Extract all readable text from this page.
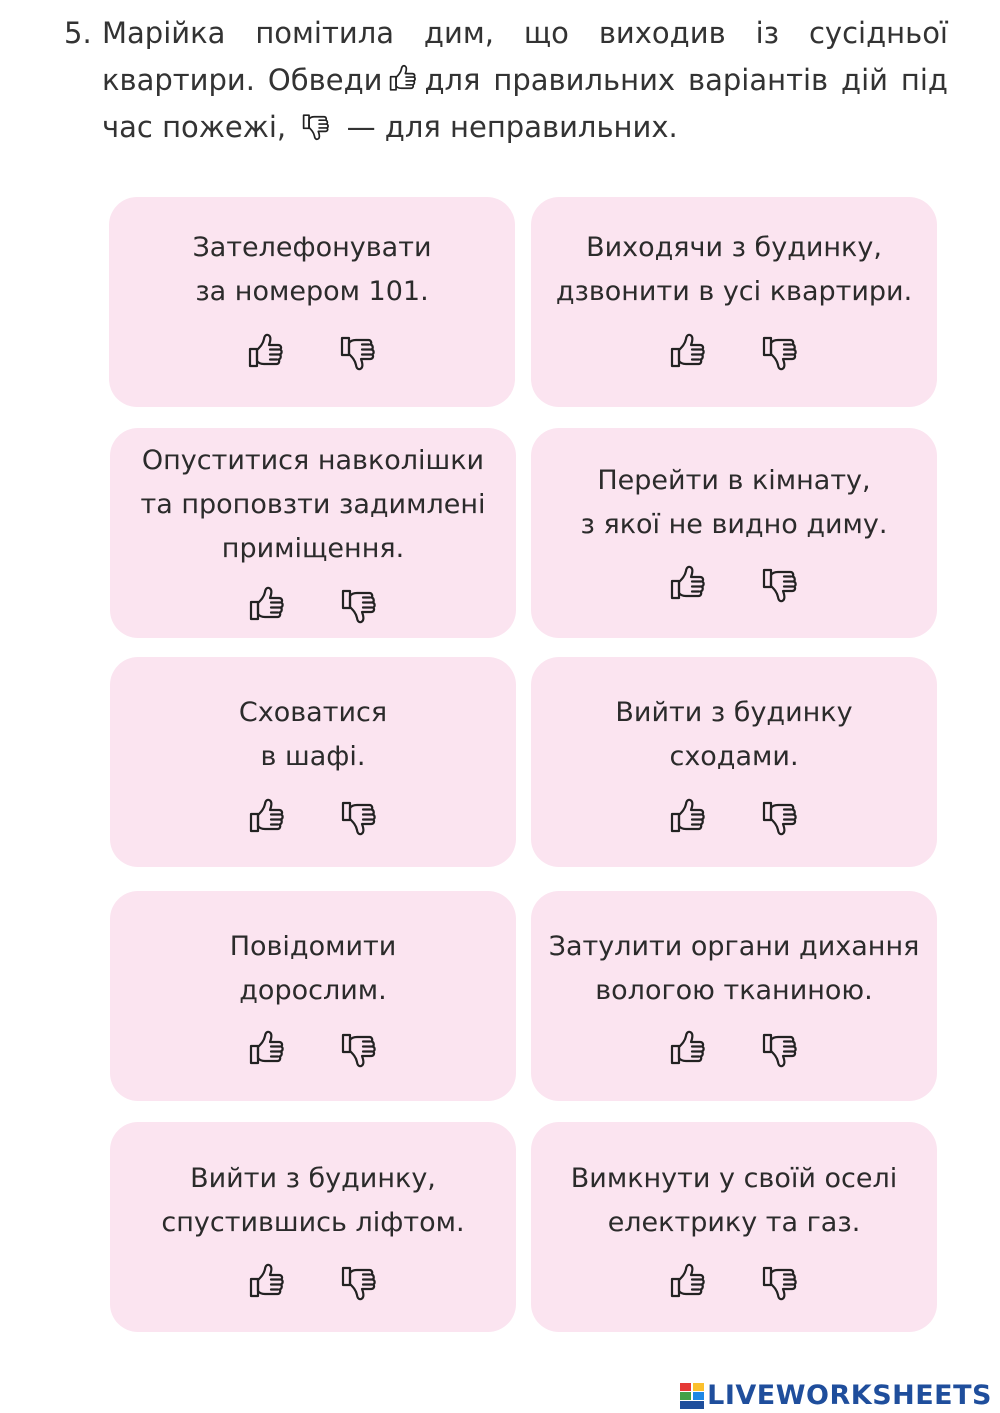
5. Марійка помітила дим, що виходив із сусідньої квартири. Обведи для правильних варіантів дій під час пожежі, — для неправильних.
Зателефонувати
за номером 101.
Виходячи з будинку,
дзвонити в усі квартири.
Опуститися навколішки
та проповзти задимлені
приміщення.
Перейти в кімнату,
з якої не видно диму.
Сховатися
в шафі.
Вийти з будинку
сходами.
Повідомити
дорослим.
Затулити органи дихання
вологою тканиною.
Вийти з будинку,
спустившись ліфтом.
Вимкнути у своїй оселі
електрику та газ.
LIVEWORKSHEETS
